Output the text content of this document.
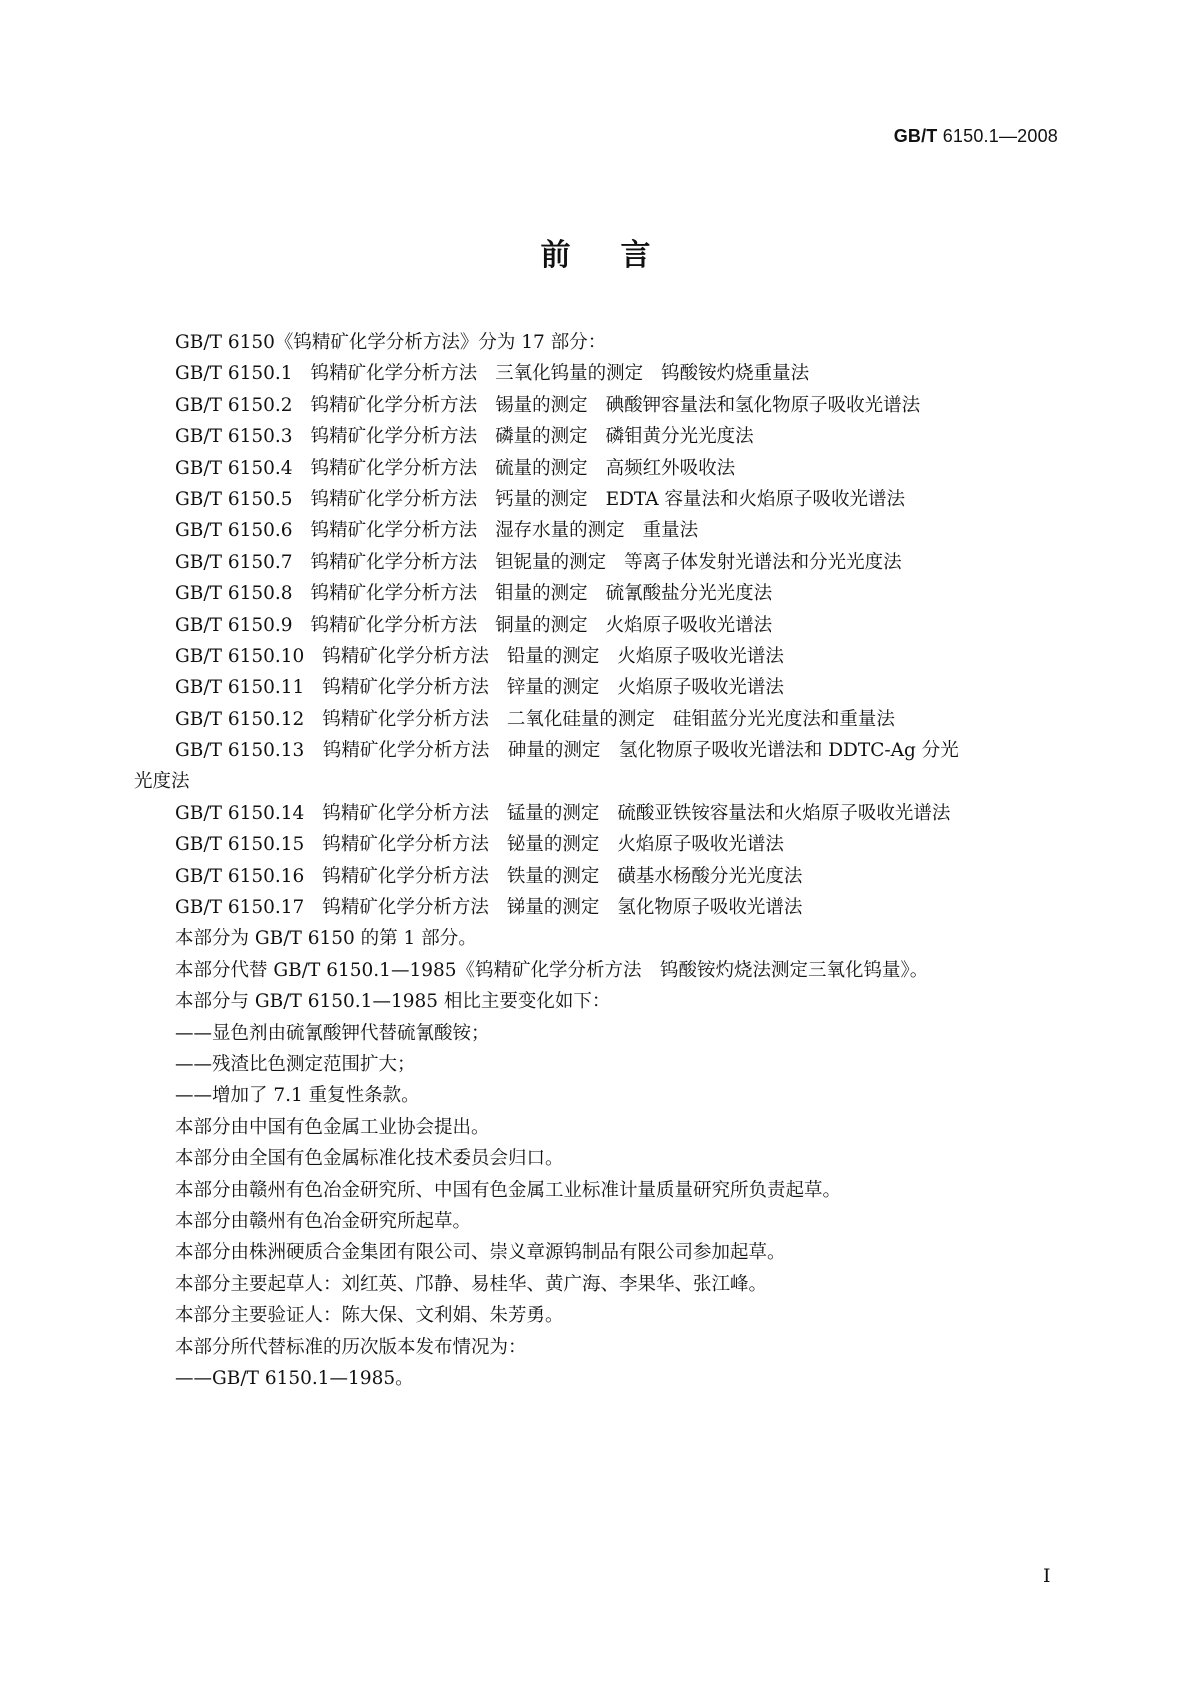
GB/T 6150.1—2008
前言
GB/T 6150《钨精矿化学分析方法》分为 17 部分：
GB/T 6150.1 钨精矿化学分析方法 三氧化钨量的测定 钨酸铵灼烧重量法
GB/T 6150.2 钨精矿化学分析方法 锡量的测定 碘酸钾容量法和氢化物原子吸收光谱法
GB/T 6150.3 钨精矿化学分析方法 磷量的测定 磷钼黄分光光度法
GB/T 6150.4 钨精矿化学分析方法 硫量的测定 高频红外吸收法
GB/T 6150.5 钨精矿化学分析方法 钙量的测定 EDTA 容量法和火焰原子吸收光谱法
GB/T 6150.6 钨精矿化学分析方法 湿存水量的测定 重量法
GB/T 6150.7 钨精矿化学分析方法 钽铌量的测定 等离子体发射光谱法和分光光度法
GB/T 6150.8 钨精矿化学分析方法 钼量的测定 硫氰酸盐分光光度法
GB/T 6150.9 钨精矿化学分析方法 铜量的测定 火焰原子吸收光谱法
GB/T 6150.10 钨精矿化学分析方法 铅量的测定 火焰原子吸收光谱法
GB/T 6150.11 钨精矿化学分析方法 锌量的测定 火焰原子吸收光谱法
GB/T 6150.12 钨精矿化学分析方法 二氧化硅量的测定 硅钼蓝分光光度法和重量法
GB/T 6150.13　钨精矿化学分析方法　砷量的测定　氢化物原子吸收光谱法和 DDTC-Ag 分光
光度法
GB/T 6150.14 钨精矿化学分析方法 锰量的测定 硫酸亚铁铵容量法和火焰原子吸收光谱法
GB/T 6150.15 钨精矿化学分析方法 铋量的测定 火焰原子吸收光谱法
GB/T 6150.16 钨精矿化学分析方法 铁量的测定 磺基水杨酸分光光度法
GB/T 6150.17 钨精矿化学分析方法 锑量的测定 氢化物原子吸收光谱法
本部分为 GB/T 6150 的第 1 部分。
本部分代替 GB/T 6150.1—1985《钨精矿化学分析方法　钨酸铵灼烧法测定三氧化钨量》。
本部分与 GB/T 6150.1—1985 相比主要变化如下：
——显色剂由硫氰酸钾代替硫氰酸铵；
——残渣比色测定范围扩大；
——增加了 7.1 重复性条款。
本部分由中国有色金属工业协会提出。
本部分由全国有色金属标准化技术委员会归口。
本部分由赣州有色冶金研究所、中国有色金属工业标准计量质量研究所负责起草。
本部分由赣州有色冶金研究所起草。
本部分由株洲硬质合金集团有限公司、崇义章源钨制品有限公司参加起草。
本部分主要起草人：刘红英、邝静、易桂华、黄广海、李果华、张江峰。
本部分主要验证人：陈大保、文利娟、朱芳勇。
本部分所代替标准的历次版本发布情况为：
——GB/T 6150.1—1985。
I
